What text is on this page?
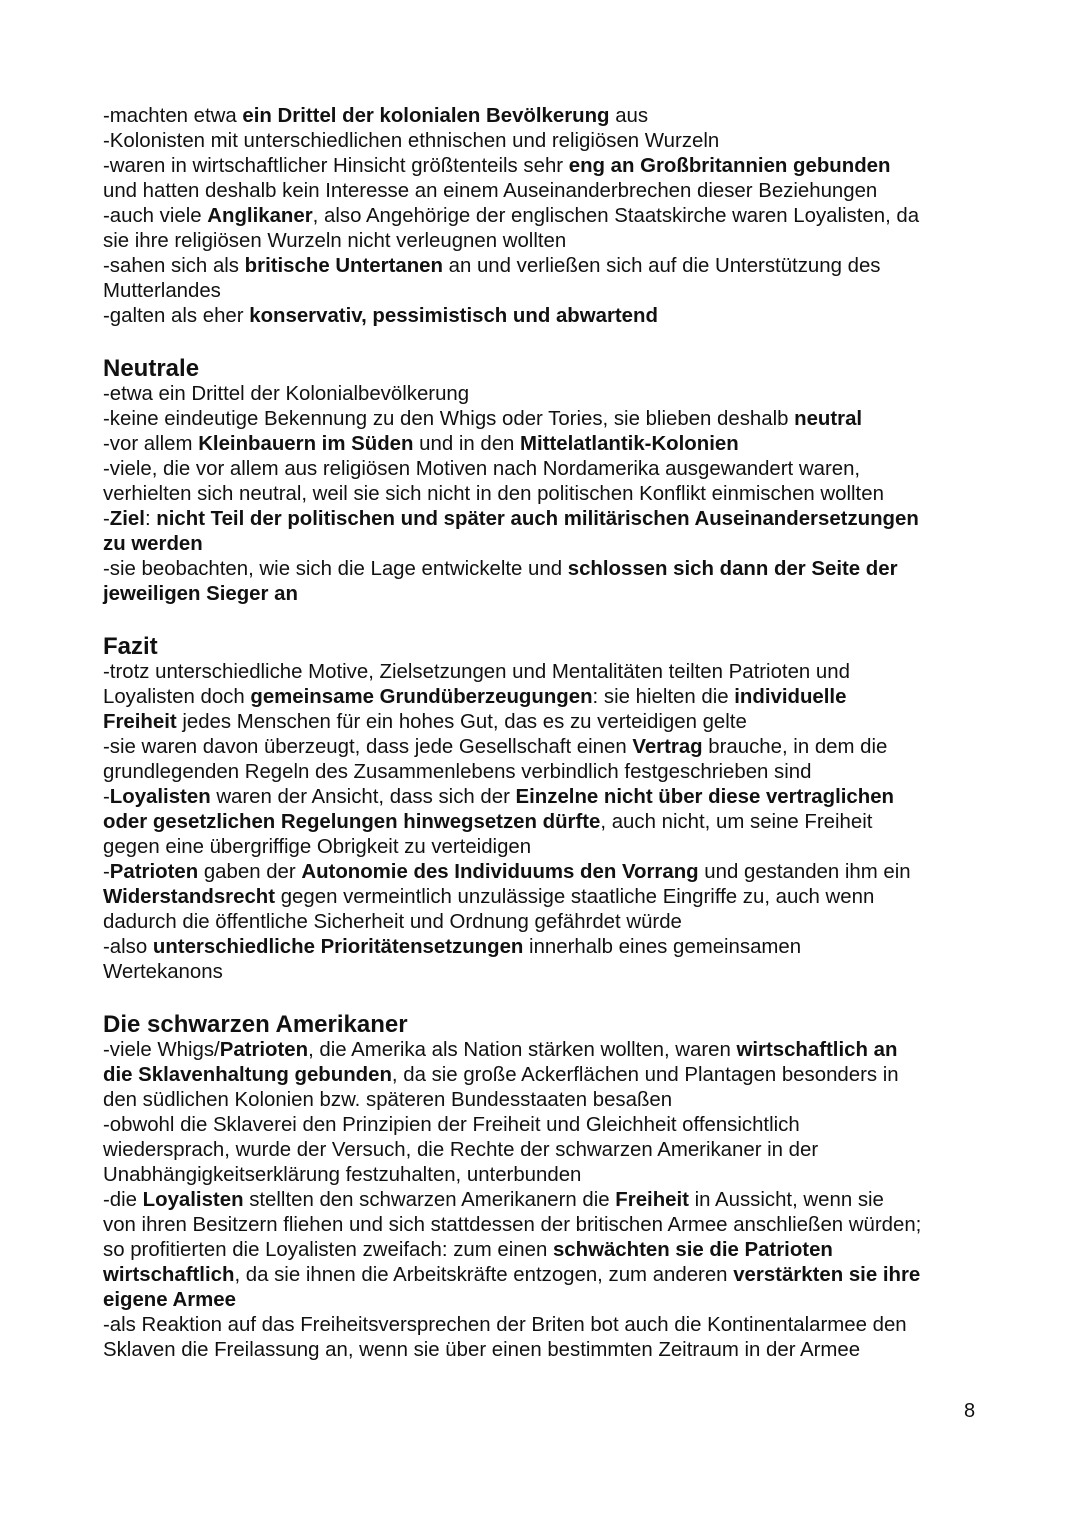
-machten etwa ein Drittel der kolonialen Bevölkerung aus
-Kolonisten mit unterschiedlichen ethnischen und religiösen Wurzeln
-waren in wirtschaftlicher Hinsicht größtenteils sehr eng an Großbritannien gebunden
und hatten deshalb kein Interesse an einem Auseinanderbrechen dieser Beziehungen
-auch viele Anglikaner, also Angehörige der englischen Staatskirche waren Loyalisten, da
sie ihre religiösen Wurzeln nicht verleugnen wollten
-sahen sich als britische Untertanen an und verließen sich auf die Unterstützung des
Mutterlandes
-galten als eher konservativ, pessimistisch und abwartend
Neutrale
-etwa ein Drittel der Kolonialbevölkerung
-keine eindeutige Bekennung zu den Whigs oder Tories, sie blieben deshalb neutral
-vor allem Kleinbauern im Süden und in den Mittelatlantik-Kolonien
-viele, die vor allem aus religiösen Motiven nach Nordamerika ausgewandert waren,
verhielten sich neutral, weil sie sich nicht in den politischen Konflikt einmischen wollten
-Ziel: nicht Teil der politischen und später auch militärischen Auseinandersetzungen
zu werden
-sie beobachten, wie sich die Lage entwickelte und schlossen sich dann der Seite der
jeweiligen Sieger an
Fazit
-trotz unterschiedliche Motive, Zielsetzungen und Mentalitäten teilten Patrioten und
Loyalisten doch gemeinsame Grundüberzeugungen: sie hielten die individuelle
Freiheit jedes Menschen für ein hohes Gut, das es zu verteidigen gelte
-sie waren davon überzeugt, dass jede Gesellschaft einen Vertrag brauche, in dem die
grundlegenden Regeln des Zusammenlebens verbindlich festgeschrieben sind
-Loyalisten waren der Ansicht, dass sich der Einzelne nicht über diese vertraglichen
oder gesetzlichen Regelungen hinwegsetzen dürfte, auch nicht, um seine Freiheit
gegen eine übergriffige Obrigkeit zu verteidigen
-Patrioten gaben der Autonomie des Individuums den Vorrang und gestanden ihm ein
Widerstandsrecht gegen vermeintlich unzulässige staatliche Eingriffe zu, auch wenn
dadurch die öffentliche Sicherheit und Ordnung gefährdet würde
-also unterschiedliche Prioritätensetzungen innerhalb eines gemeinsamen
Wertekanons
Die schwarzen Amerikaner
-viele Whigs/Patrioten, die Amerika als Nation stärken wollten, waren wirtschaftlich an
die Sklavenhaltung gebunden, da sie große Ackerflächen und Plantagen besonders in
den südlichen Kolonien bzw. späteren Bundesstaaten besaßen
-obwohl die Sklaverei den Prinzipien der Freiheit und Gleichheit offensichtlich
wiedersprach, wurde der Versuch, die Rechte der schwarzen Amerikaner in der
Unabhängigkeitserklärung festzuhalten, unterbunden
-die Loyalisten stellten den schwarzen Amerikanern die Freiheit in Aussicht, wenn sie
von ihren Besitzern fliehen und sich stattdessen der britischen Armee anschließen würden;
so profitierten die Loyalisten zweifach: zum einen schwächten sie die Patrioten
wirtschaftlich, da sie ihnen die Arbeitskräfte entzogen, zum anderen verstärkten sie ihre
eigene Armee
-als Reaktion auf das Freiheitsversprechen der Briten bot auch die Kontinentalarmee den
Sklaven die Freilassung an, wenn sie über einen bestimmten Zeitraum in der Armee
8
